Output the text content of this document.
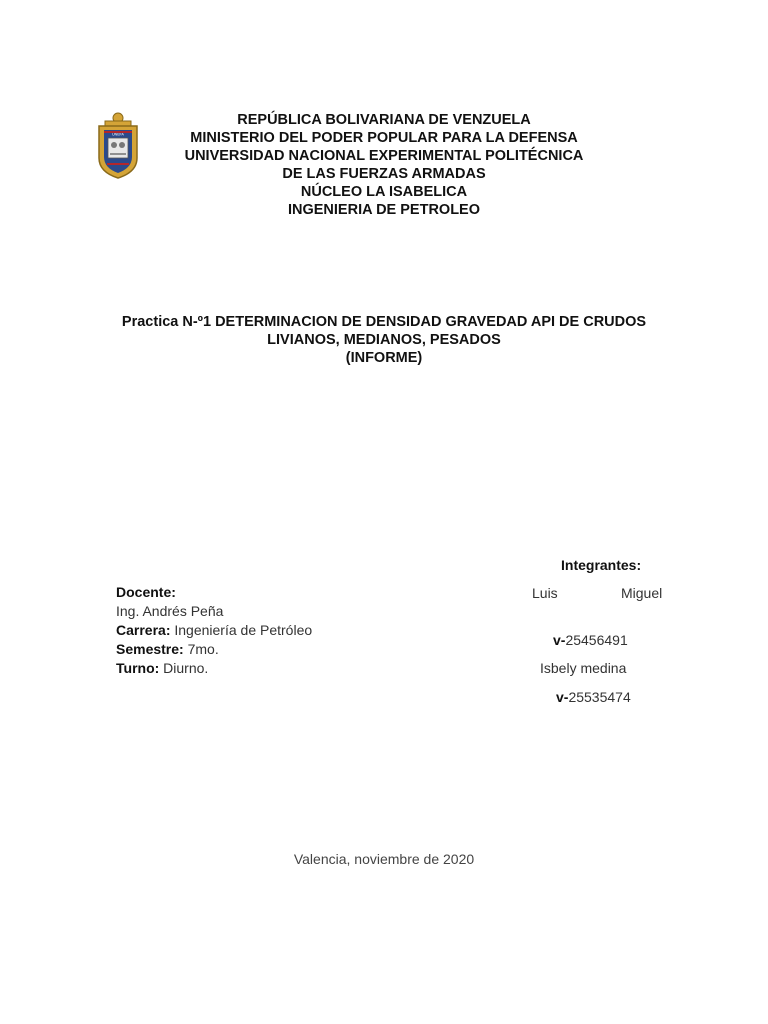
UNEFA
REPÚBLICA BOLIVARIANA DE VENZUELA
MINISTERIO DEL PODER POPULAR PARA LA DEFENSA
UNIVERSIDAD NACIONAL EXPERIMENTAL POLITÉCNICA
DE LAS FUERZAS ARMADAS
NÚCLEO LA ISABELICA
INGENIERIA DE PETROLEO
Practica N-º1 DETERMINACION DE DENSIDAD GRAVEDAD API DE CRUDOS
LIVIANOS, MEDIANOS, PESADOS
(INFORME)
Integrantes:
Luis	Miguel
v-25456491
Isbely medina
v-25535474
Docente:
Ing. Andrés Peña
Carrera: Ingeniería de Petróleo
Semestre: 7mo.
Turno: Diurno.
Valencia, noviembre de 2020
